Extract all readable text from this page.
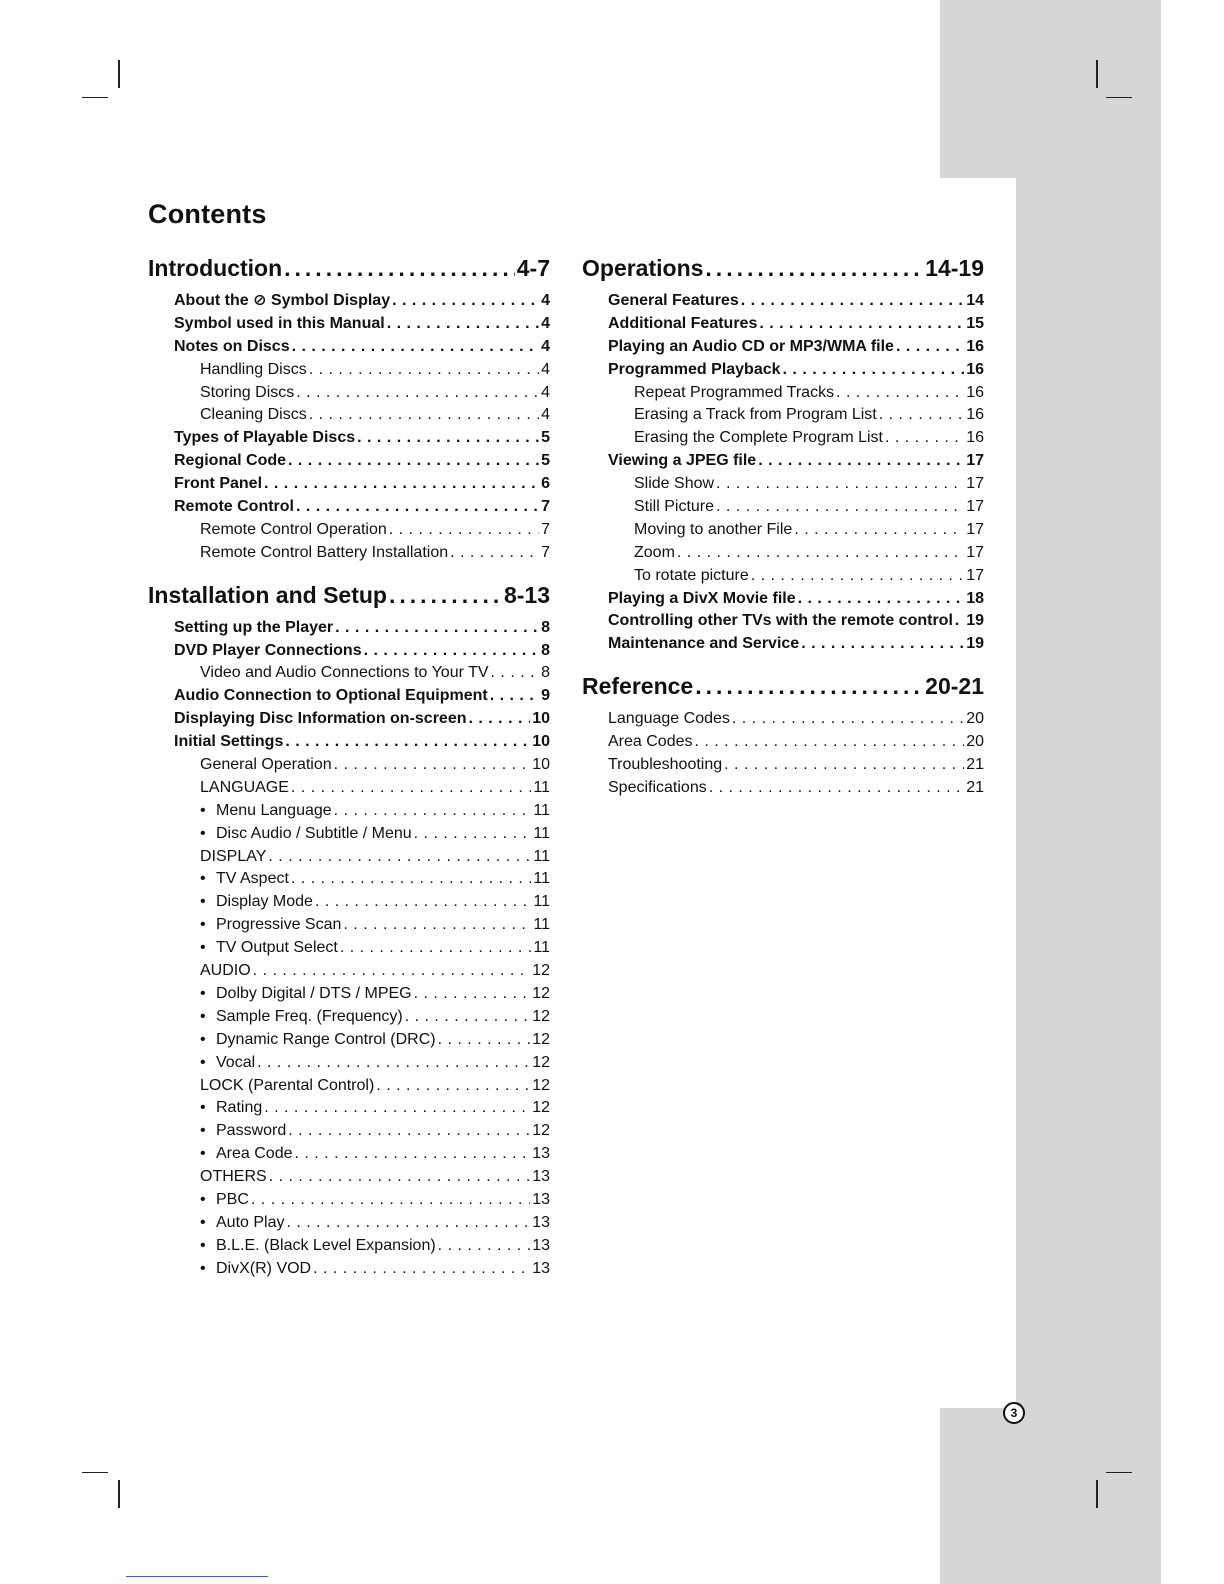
Contents
Introduction .....	4-7
About the ⊘ Symbol Display . . .	4
Symbol used in this Manual . . .	4
Notes on Discs . . .	4
Handling Discs . . .	4
Storing Discs . . .	4
Cleaning Discs . . .	4
Types of Playable Discs . . .	5
Regional Code . . .	5
Front Panel . . .	6
Remote Control . . .	7
Remote Control Operation . . .	7
Remote Control Battery Installation . . .	7
Installation and Setup .....	8-13
Setting up the Player . . .	8
DVD Player Connections . . .	8
Video and Audio Connections to Your TV . . .	8
Audio Connection to Optional Equipment . . .	9
Displaying Disc Information on-screen . . .	10
Initial Settings . . .	10
General Operation . . .	10
LANGUAGE . . .	11
• Menu Language . . .	11
• Disc Audio / Subtitle / Menu . . .	11
DISPLAY . . .	11
• TV Aspect . . .	11
• Display Mode . . .	11
• Progressive Scan . . .	11
• TV Output Select . . .	11
AUDIO . . .	12
• Dolby Digital / DTS / MPEG . . .	12
• Sample Freq. (Frequency) . . .	12
• Dynamic Range Control (DRC) . . .	12
• Vocal . . .	12
LOCK (Parental Control) . . .	12
• Rating . . .	12
• Password . . .	12
• Area Code . . .	13
OTHERS . . .	13
• PBC . . .	13
• Auto Play . . .	13
• B.L.E. (Black Level Expansion) . . .	13
• DivX(R) VOD . . .	13
Operations .....	14-19
General Features . . .	14
Additional Features . . .	15
Playing an Audio CD or MP3/WMA file . . .	16
Programmed Playback . . .	16
Repeat Programmed Tracks . . .	16
Erasing a Track from Program List . . .	16
Erasing the Complete Program List . . .	16
Viewing a JPEG file . . .	17
Slide Show . . .	17
Still Picture . . .	17
Moving to another File . . .	17
Zoom . . .	17
To rotate picture . . .	17
Playing a DivX Movie file . . .	18
Controlling other TVs with the remote control . . . 19
Maintenance and Service . . .	19
Reference .....	20-21
Language Codes . . .	20
Area Codes . . .	20
Troubleshooting . . .	21
Specifications . . .	21
3
